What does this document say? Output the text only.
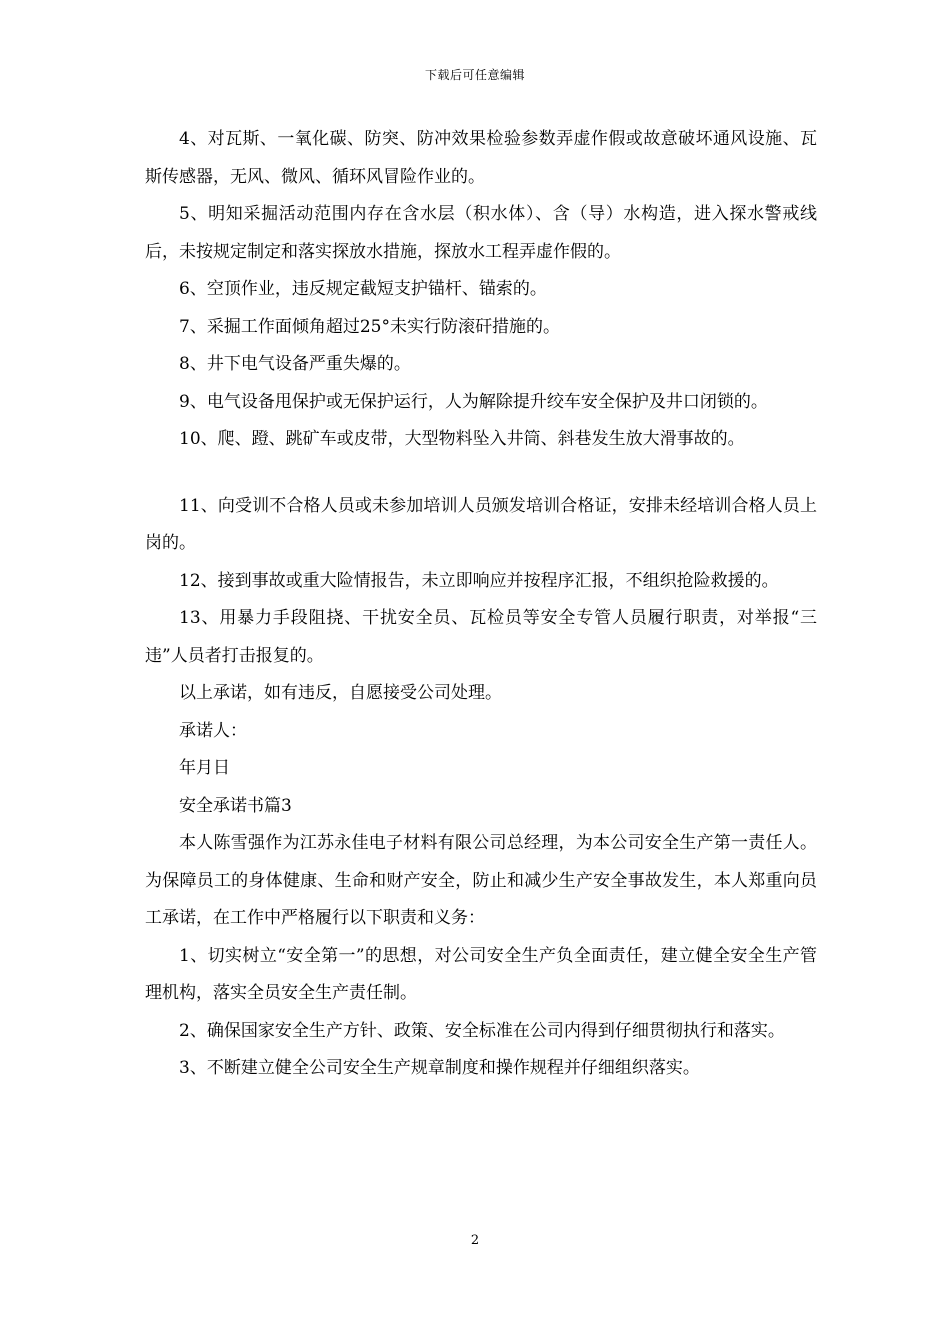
下载后可任意编辑

4、对瓦斯、一氧化碳、防突、防冲效果检验参数弄虚作假或故意破坏通风设施、瓦斯传感器，无风、微风、循环风冒险作业的。

5、明知采掘活动范围内存在含水层（积水体）、含（导）水构造，进入探水警戒线后，未按规定制定和落实探放水措施，探放水工程弄虚作假的。

6、空顶作业，违反规定截短支护锚杆、锚索的。

7、采掘工作面倾角超过25°未实行防滚矸措施的。

8、井下电气设备严重失爆的。

9、电气设备甩保护或无保护运行，人为解除提升绞车安全保护及井口闭锁的。

10、爬、蹬、跳矿车或皮带，大型物料坠入井筒、斜巷发生放大滑事故的。

11、向受训不合格人员或未参加培训人员颁发培训合格证，安排未经培训合格人员上岗的。

12、接到事故或重大险情报告，未立即响应并按程序汇报，不组织抢险救援的。

13、用暴力手段阻挠、干扰安全员、瓦检员等安全专管人员履行职责，对举报“三违”人员者打击报复的。

以上承诺，如有违反，自愿接受公司处理。

承诺人：

年月日

安全承诺书篇3

本人陈雪强作为江苏永佳电子材料有限公司总经理，为本公司安全生产第一责任人。为保障员工的身体健康、生命和财产安全，防止和减少生产安全事故发生，本人郑重向员工承诺，在工作中严格履行以下职责和义务：

1、切实树立“安全第一”的思想，对公司安全生产负全面责任，建立健全安全生产管理机构，落实全员安全生产责任制。

2、确保国家安全生产方针、政策、安全标准在公司内得到仔细贯彻执行和落实。

3、不断建立健全公司安全生产规章制度和操作规程并仔细组织落实。

2
